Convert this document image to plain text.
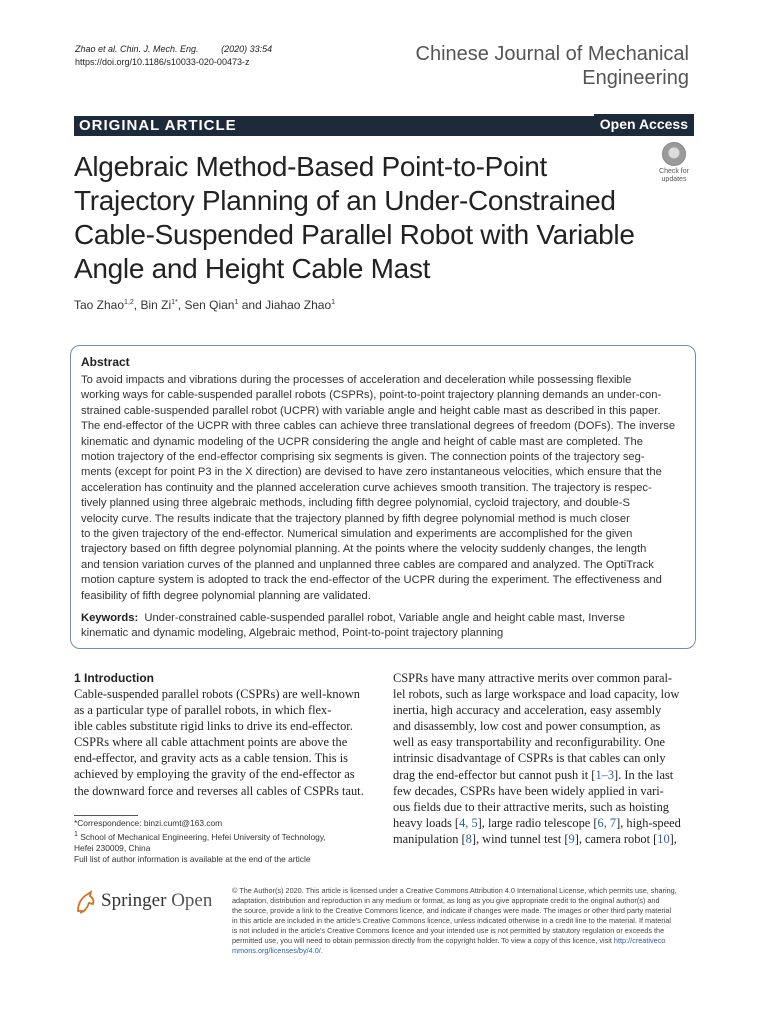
Zhao et al. Chin. J. Mech. Eng.	(2020) 33:54
https://doi.org/10.1186/s10033-020-00473-z	Chinese Journal of Mechanical
Engineering
ORIGINAL ARTICLE	Open Access
Check for updates
Algebraic Method-Based Point-to-Point
Trajectory Planning of an Under-Constrained
Cable-Suspended Parallel Robot with Variable
Angle and Height Cable Mast
Tao Zhao$^{1,2}$, Bin $Zi^{1*}$, Sen Qian$^1$ and Jiahao Zhao$^1$
Abstract
To avoid impacts and vibrations during the processes of acceleration and deceleration while possessing flexible
working ways for cable-suspended parallel robots (CSPRs), point-to-point trajectory planning demands an under-con-
strained cable-suspended parallel robot (UCPR) with variable angle and height cable mast as described in this paper.
The end-effector of the UCPR with three cables can achieve three translational degrees of freedom (DOFs). The inverse
kinematic and dynamic modeling of the UCPR considering the angle and height of cable mast are completed. The
motion trajectory of the end-effector comprising six segments is given. The connection points of the trajectory seg-
ments (except for point P3 in the X direction) are devised to have zero instantaneous velocities, which ensure that the
acceleration has continuity and the planned acceleration curve achieves smooth transition. The trajectory is respec-
tively planned using three algebraic methods, including fifth degree polynomial, cycloid trajectory, and double-S
velocity curve. The results indicate that the trajectory planned by fifth degree polynomial method is much closer
to the given trajectory of the end-effector. Numerical simulation and experiments are accomplished for the given
trajectory based on fifth degree polynomial planning. At the points where the velocity suddenly changes, the length
and tension variation curves of the planned and unplanned three cables are compared and analyzed. The OptiTrack
motion capture system is adopted to track the end-effector of the UCPR during the experiment. The effectiveness and
feasibility of fifth degree polynomial planning are validated.
Keywords: Under-constrained cable-suspended parallel robot, Variable angle and height cable mast, Inverse
kinematic and dynamic modeling, Algebraic method, Point-to-point trajectory planning
1 Introduction
Cable-suspended parallel robots (CSPRs) are well-known
as a particular type of parallel robots, in which flex-
ible cables substitute rigid links to drive its end-effector.
CSPRs where all cable attachment points are above the
end-effector, and gravity acts as a cable tension. This is
achieved by employing the gravity of the end-effector as
the downward force and reverses all cables of CSPRs taut.
CSPRs have many attractive merits over common paral-
lel robots, such as large workspace and load capacity, low
inertia, high accuracy and acceleration, easy assembly
and disassembly, low cost and power consumption, as
well as easy transportability and reconfigurability. One
intrinsic disadvantage of CSPRs is that cables can only
drag the end-effector but cannot push it [1–3]. In the last
few decades, CSPRs have been widely applied in vari-
ous fields due to their attractive merits, such as hoisting
heavy loads [4, 5], large radio telescope [6, 7], high-speed
manipulation [8], wind tunnel test [9], camera robot [10],
*Correspondence: binzi.cumt@163.com
$^1$ School of Mechanical Engineering, Hefei University of Technology,
Hefei 230009, China
Full list of author information is available at the end of the article
Springer Open	© The Author(s) 2020. This article is licensed under a Creative Commons Attribution 4.0 International License, which permits use, sharing,
adaptation, distribution and reproduction in any medium or format, as long as you give appropriate credit to the original author(s) and
the source, provide a link to the Creative Commons licence, and indicate if changes were made. The images or other third party material
in this article are included in the article's Creative Commons licence, unless indicated otherwise in a credit line to the material. If material
is not included in the article's Creative Commons licence and your intended use is not permitted by statutory regulation or exceeds the
permitted use, you will need to obtain permission directly from the copyright holder. To view a copy of this licence, visit http://creativeco
mmons.org/licenses/by/4.0/.
